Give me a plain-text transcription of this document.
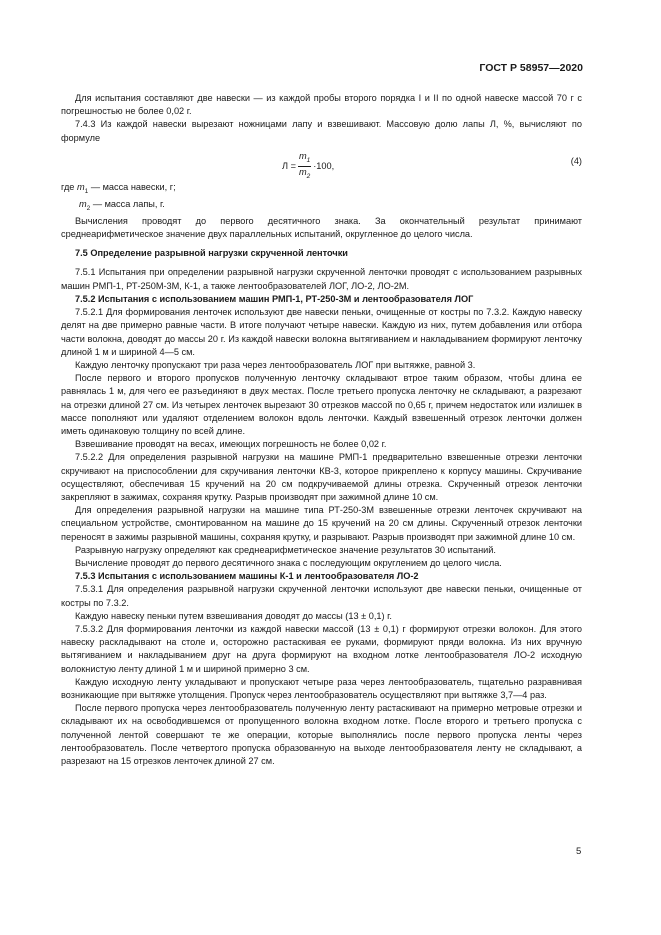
ГОСТ Р 58957—2020

Для испытания составляют две навески — из каждой пробы второго порядка I и II по одной навеске массой 70 г с погрешностью не более 0,02 г.

7.4.3 Из каждой навески вырезают ножницами лапу и взвешивают. Массовую долю лапы Л, %, вычисляют по формуле

$Л = \frac{m_1}{m_2} \cdot 100$,	(4)

где $m_1$ — масса навески, г;

$m_2$ — масса лапы, г.

Вычисления проводят до первого десятичного знака. За окончательный результат принимают среднеарифметическое значение двух параллельных испытаний, округленное до целого числа.

7.5 Определение разрывной нагрузки скрученной ленточки

7.5.1 Испытания при определении разрывной нагрузки скрученной ленточки проводят с использованием разрывных машин РМП-1, РТ-250М-3М, К-1, а также лентообразователей ЛОГ, ЛО-2, ЛО-2М.

7.5.2 Испытания с использованием машин РМП-1, РТ-250-3М и лентообразователя ЛОГ

7.5.2.1 Для формирования ленточек используют две навески пеньки, очищенные от костры по 7.3.2. Каждую навеску делят на две примерно равные части. В итоге получают четыре навески. Каждую из них, путем добавления или отбора части волокна, доводят до массы 20 г. Из каждой навески волокна вытягиванием и накладыванием формируют ленточку длиной 1 м и шириной 4—5 см.

Каждую ленточку пропускают три раза через лентообразователь ЛОГ при вытяжке, равной 3.

После первого и второго пропусков полученную ленточку складывают втрое таким образом, чтобы длина ее равнялась 1 м, для чего ее разъединяют в двух местах. После третьего пропуска ленточку не складывают, а разрезают на отрезки длиной 27 см. Из четырех ленточек вырезают 30 отрезков массой по 0,65 г, причем недостаток или излишек в массе пополняют или удаляют отделением волокон вдоль ленточки. Каждый взвешенный отрезок ленточки должен иметь одинаковую толщину по всей длине.

Взвешивание проводят на весах, имеющих погрешность не более 0,02 г.

7.5.2.2 Для определения разрывной нагрузки на машине РМП-1 предварительно взвешенные отрезки ленточки скручивают на приспособлении для скручивания ленточки КВ-3, которое прикреплено к корпусу машины. Скручивание осуществляют, обеспечивая 15 кручений на 20 см подкручиваемой длины отрезка. Скрученный отрезок ленточки закрепляют в зажимах, сохраняя крутку. Разрыв производят при зажимной длине 10 см.

Для определения разрывной нагрузки на машине типа РТ-250-3М взвешенные отрезки ленточек скручивают на специальном устройстве, смонтированном на машине до 15 кручений на 20 см длины. Скрученный отрезок ленточки переносят в зажимы разрывной машины, сохраняя крутку, и разрывают. Разрыв производят при зажимной длине 10 см.

Разрывную нагрузку определяют как среднеарифметическое значение результатов 30 испытаний.

Вычисление проводят до первого десятичного знака с последующим округлением до целого числа.

7.5.3 Испытания с использованием машины К-1 и лентообразователя ЛО-2

7.5.3.1 Для определения разрывной нагрузки скрученной ленточки используют две навески пеньки, очищенные от костры по 7.3.2.

Каждую навеску пеньки путем взвешивания доводят до массы (13 ± 0,1) г.

7.5.3.2 Для формирования ленточки из каждой навески массой (13 ± 0,1) г формируют отрезки волокон. Для этого навеску раскладывают на столе и, осторожно растаскивая ее руками, формируют пряди волокна. Из них вручную вытягиванием и накладыванием друг на друга формируют на входном лотке лентообразователя ЛО-2 исходную волокнистую ленту длиной 1 м и шириной примерно 3 см.

Каждую исходную ленту укладывают и пропускают четыре раза через лентообразователь, тщательно разравнивая возникающие при вытяжке утолщения. Пропуск через лентообразователь осуществляют при вытяжке 3,7—4 раз.

После первого пропуска через лентообразователь полученную ленту растаскивают на примерно метровые отрезки и складывают их на освободившемся от пропущенного волокна входном лотке. После второго и третьего пропуска с полученной лентой совершают те же операции, которые выполнялись после первого пропуска ленты через лентообразователь. После четвертого пропуска образованную на выходе лентообразователя ленту не складывают, а разрезают на 15 отрезков ленточек длиной 27 см.

5
